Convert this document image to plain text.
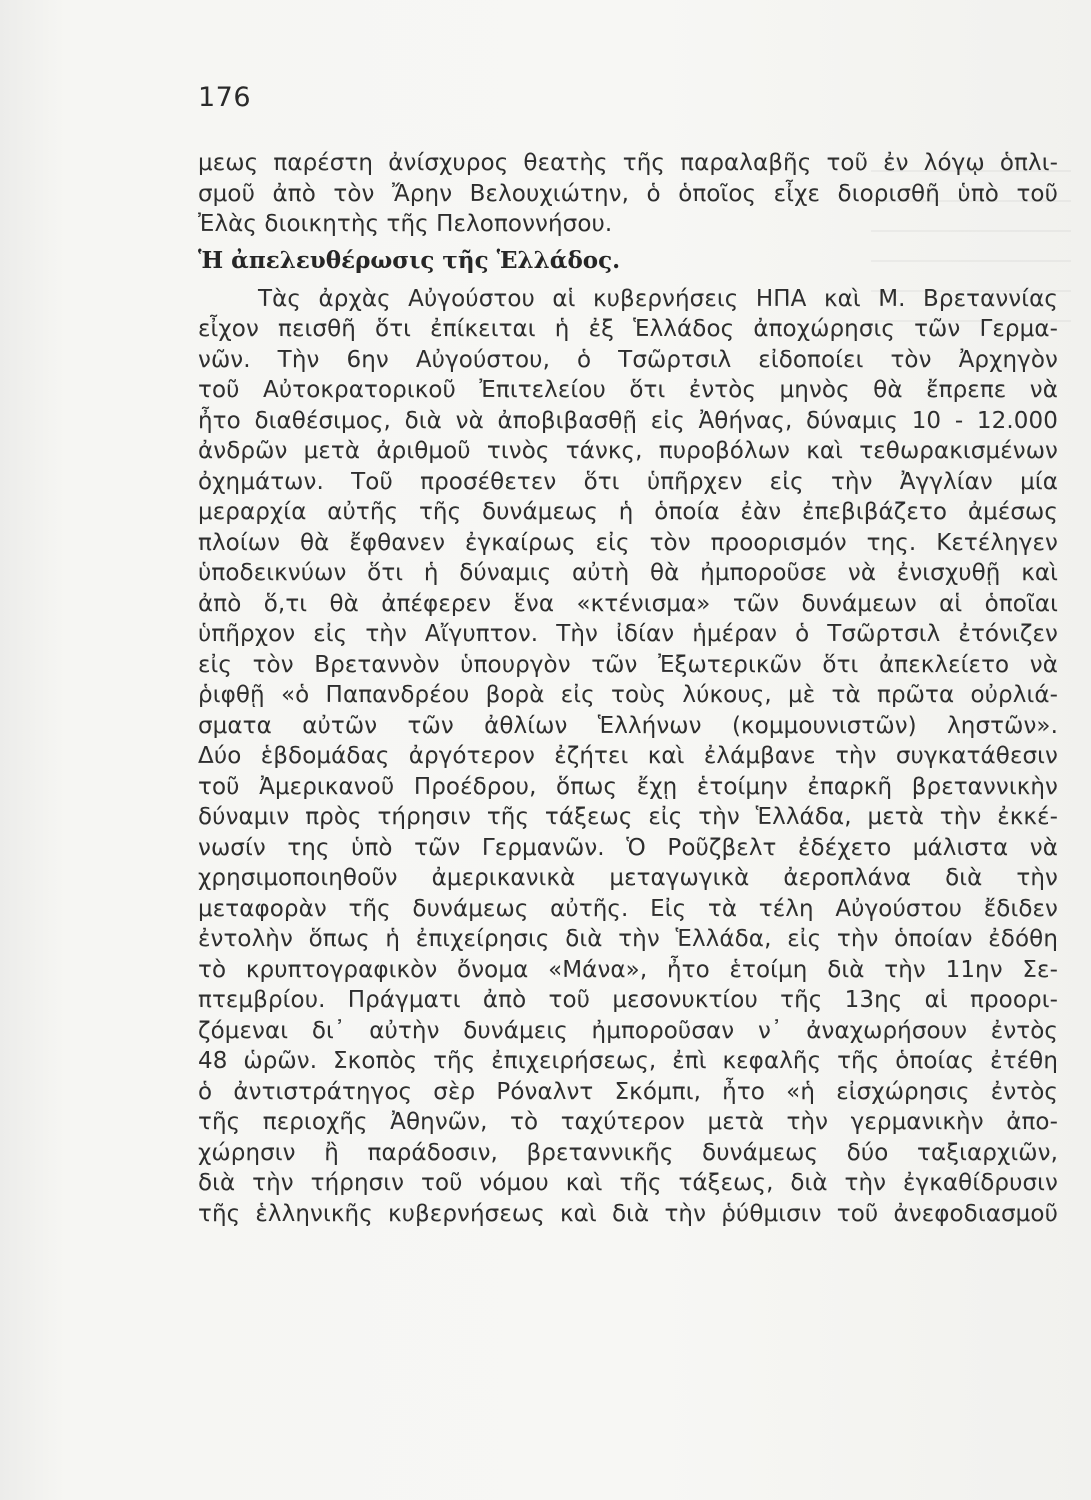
176
μεως παρέστη ἀνίσχυρος θεατὴς τῆς παραλαβῆς τοῦ ἐν λόγῳ ὁπλι-
σμοῦ ἀπὸ τὸν Ἄρην Βελουχιώτην, ὁ ὁποῖος εἶχε διορισθῆ ὑπὸ τοῦ
Ἐλὰς διοικητὴς τῆς Πελοποννήσου.
Ἡ ἀπελευθέρωσις τῆς Ἑλλάδος.
Τὰς ἀρχὰς Αὐγούστου αἱ κυβερνήσεις ΗΠΑ καὶ Μ. Βρεταννίας
εἶχον πεισθῆ ὅτι ἐπίκειται ἡ ἐξ Ἑλλάδος ἀποχώρησις τῶν Γερμα-
νῶν. Τὴν 6ην Αὐγούστου, ὁ Τσῶρτσιλ εἰδοποίει τὸν Ἀρχηγὸν
τοῦ Αὐτοκρατορικοῦ Ἐπιτελείου ὅτι ἐντὸς μηνὸς θὰ ἔπρεπε νὰ
ἦτο διαθέσιμος, διὰ νὰ ἀποβιβασθῇ εἰς Ἀθήνας, δύναμις 10 - 12.000
ἀνδρῶν μετὰ ἀριθμοῦ τινὸς τάνκς, πυροβόλων καὶ τεθωρακισμένων
ὀχημάτων. Τοῦ προσέθετεν ὅτι ὑπῆρχεν εἰς τὴν Ἀγγλίαν μία
μεραρχία αὐτῆς τῆς δυνάμεως ἡ ὁποία ἐὰν ἐπεβιβάζετο ἀμέσως
πλοίων θὰ ἔφθανεν ἐγκαίρως εἰς τὸν προορισμόν της. Κετέληγεν
ὑποδεικνύων ὅτι ἡ δύναμις αὐτὴ θὰ ἠμποροῦσε νὰ ἐνισχυθῇ καὶ
ἀπὸ ὅ,τι θὰ ἀπέφερεν ἕνα «κτένισμα» τῶν δυνάμεων αἱ ὁποῖαι
ὑπῆρχον εἰς τὴν Αἴγυπτον. Τὴν ἰδίαν ἡμέραν ὁ Τσῶρτσιλ ἐτόνιζεν
εἰς τὸν Βρεταννὸν ὑπουργὸν τῶν Ἐξωτερικῶν ὅτι ἀπεκλείετο νὰ
ῥιφθῇ «ὁ Παπανδρέου βορὰ εἰς τοὺς λύκους, μὲ τὰ πρῶτα οὐρλιά-
σματα αὐτῶν τῶν ἀθλίων Ἑλλήνων (κομμουνιστῶν) ληστῶν».
Δύο ἑβδομάδας ἀργότερον ἐζήτει καὶ ἐλάμβανε τὴν συγκατάθεσιν
τοῦ Ἀμερικανοῦ Προέδρου, ὅπως ἔχῃ ἑτοίμην ἐπαρκῆ βρεταννικὴν
δύναμιν πρὸς τήρησιν τῆς τάξεως εἰς τὴν Ἑλλάδα, μετὰ τὴν ἐκκέ-
νωσίν της ὑπὸ τῶν Γερμανῶν. Ὁ Ροῦζβελτ ἐδέχετο μάλιστα νὰ
χρησιμοποιηθοῦν ἀμερικανικὰ μεταγωγικὰ ἀεροπλάνα διὰ τὴν
μεταφορὰν τῆς δυνάμεως αὐτῆς. Εἰς τὰ τέλη Αὐγούστου ἔδιδεν
ἐντολὴν ὅπως ἡ ἐπιχείρησις διὰ τὴν Ἑλλάδα, εἰς τὴν ὁποίαν ἐδόθη
τὸ κρυπτογραφικὸν ὄνομα «Μάνα», ἦτο ἑτοίμη διὰ τὴν 11ην Σε-
πτεμβρίου. Πράγματι ἀπὸ τοῦ μεσονυκτίου τῆς 13ης αἱ προορι-
ζόμεναι δι᾽ αὐτὴν δυνάμεις ἠμποροῦσαν ν᾽ ἀναχωρήσουν ἐντὸς
48 ὡρῶν. Σκοπὸς τῆς ἐπιχειρήσεως, ἐπὶ κεφαλῆς τῆς ὁποίας ἐτέθη
ὁ ἀντιστράτηγος σὲρ Ρόναλντ Σκόμπι, ἦτο «ἡ εἰσχώρησις ἐντὸς
τῆς περιοχῆς Ἀθηνῶν, τὸ ταχύτερον μετὰ τὴν γερμανικὴν ἀπο-
χώρησιν ἢ παράδοσιν, βρεταννικῆς δυνάμεως δύο ταξιαρχιῶν,
διὰ τὴν τήρησιν τοῦ νόμου καὶ τῆς τάξεως, διὰ τὴν ἐγκαθίδρυσιν
τῆς ἑλληνικῆς κυβερνήσεως καὶ διὰ τὴν ῥύθμισιν τοῦ ἀνεφοδιασμοῦ
